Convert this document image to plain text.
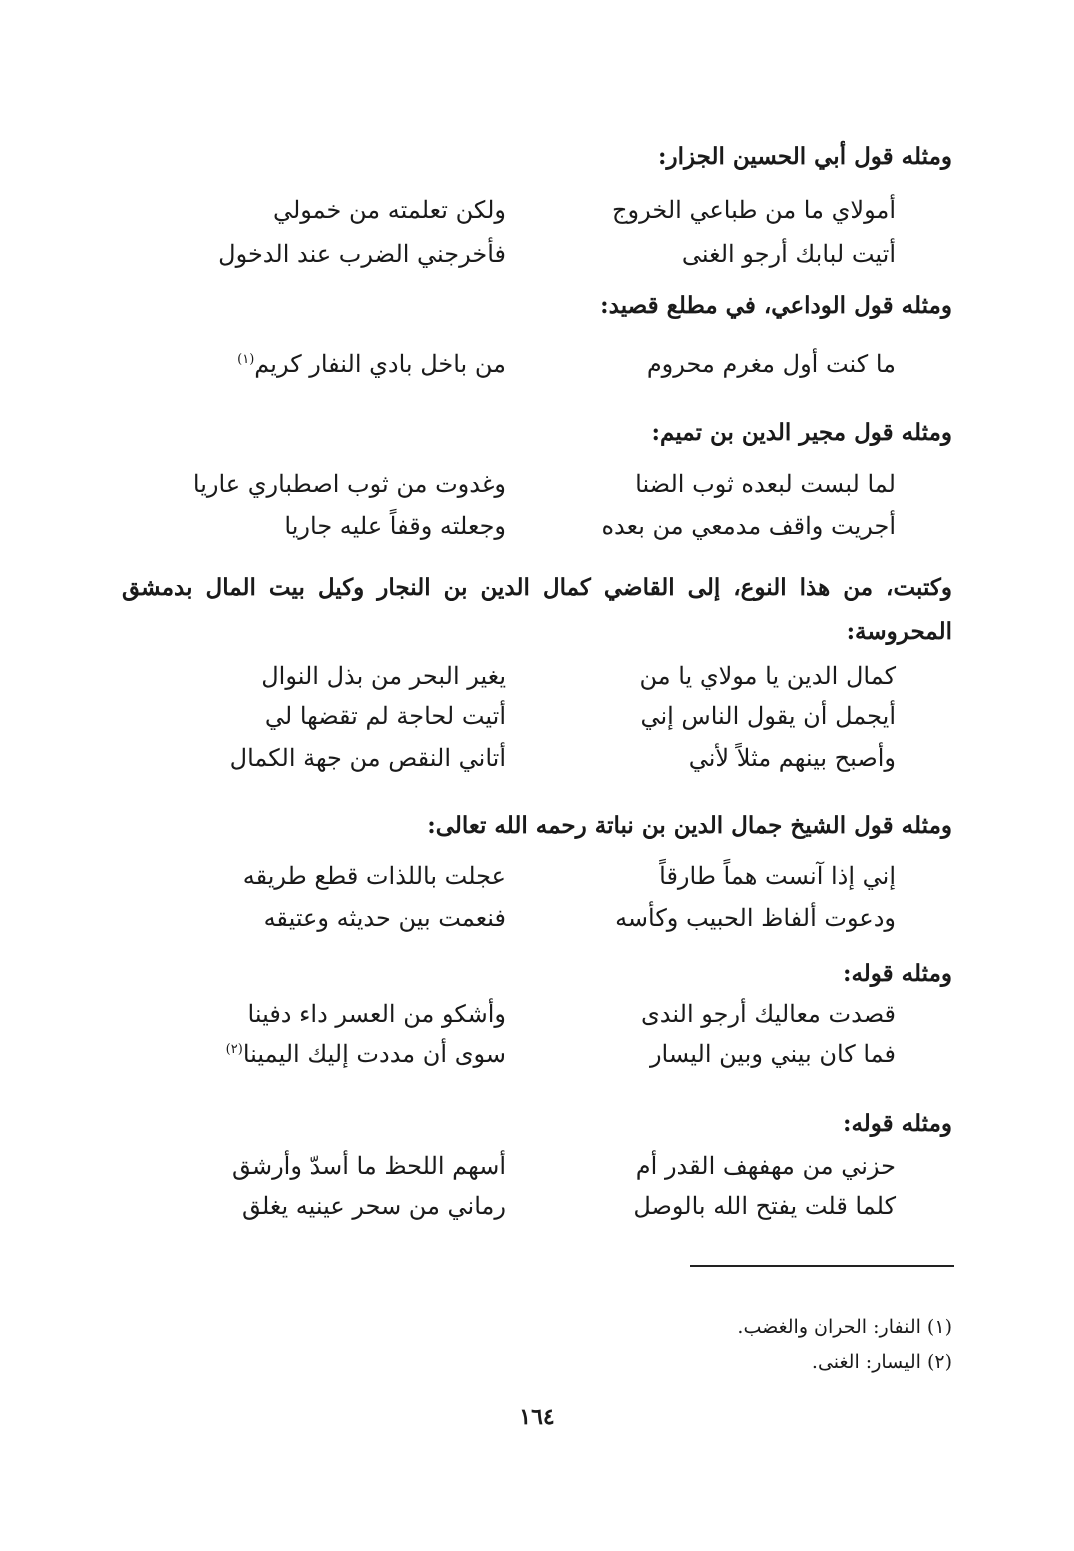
ومثله قول أبي الحسين الجزار:
أمولاي ما من طباعي الخروج
ولكن تعلمته من خمولي
أتيت لبابك أرجو الغنى
فأخرجني الضرب عند الدخول
ومثله قول الوداعي، في مطلع قصيد:
ما كنت أول مغرم محروم
من باخل بادي النفار كريم$^{(١)}$
ومثله قول مجير الدين بن تميم:
لما لبست لبعده ثوب الضنا
وغدوت من ثوب اصطباري عاريا
أجريت واقف مدمعي من بعده
وجعلته وقفاً عليه جاريا
وكتبت، من هذا النوع، إلى القاضي كمال الدين بن النجار وكيل بيت المال بدمشق المحروسة:
كمال الدين يا مولاي يا من
يغير البحر من بذل النوال
أيجمل أن يقول الناس إني
أتيت لحاجة لم تقضها لي
وأصبح بينهم مثلاً لأني
أتاني النقص من جهة الكمال
ومثله قول الشيخ جمال الدين بن نباتة رحمه الله تعالى:
إني إذا آنست هماً طارقاً
عجلت باللذات قطع طريقه
ودعوت ألفاظ الحبيب وكأسه
فنعمت بين حديثه وعتيقه
ومثله قوله:
قصدت معاليك أرجو الندى
وأشكو من العسر داء دفينا
فما كان بيني وبين اليسار
سوى أن مددت إليك اليمينا$^{(٢)}$
ومثله قوله:
حزني من مهفهف القدر أم
أسهم اللحظ ما أسدّ وأرشق
كلما قلت يفتح الله بالوصل
رماني من سحر عينيه يغلق
(١) النفار: الحران والغضب.
(٢) اليسار: الغنى.
١٦٤
